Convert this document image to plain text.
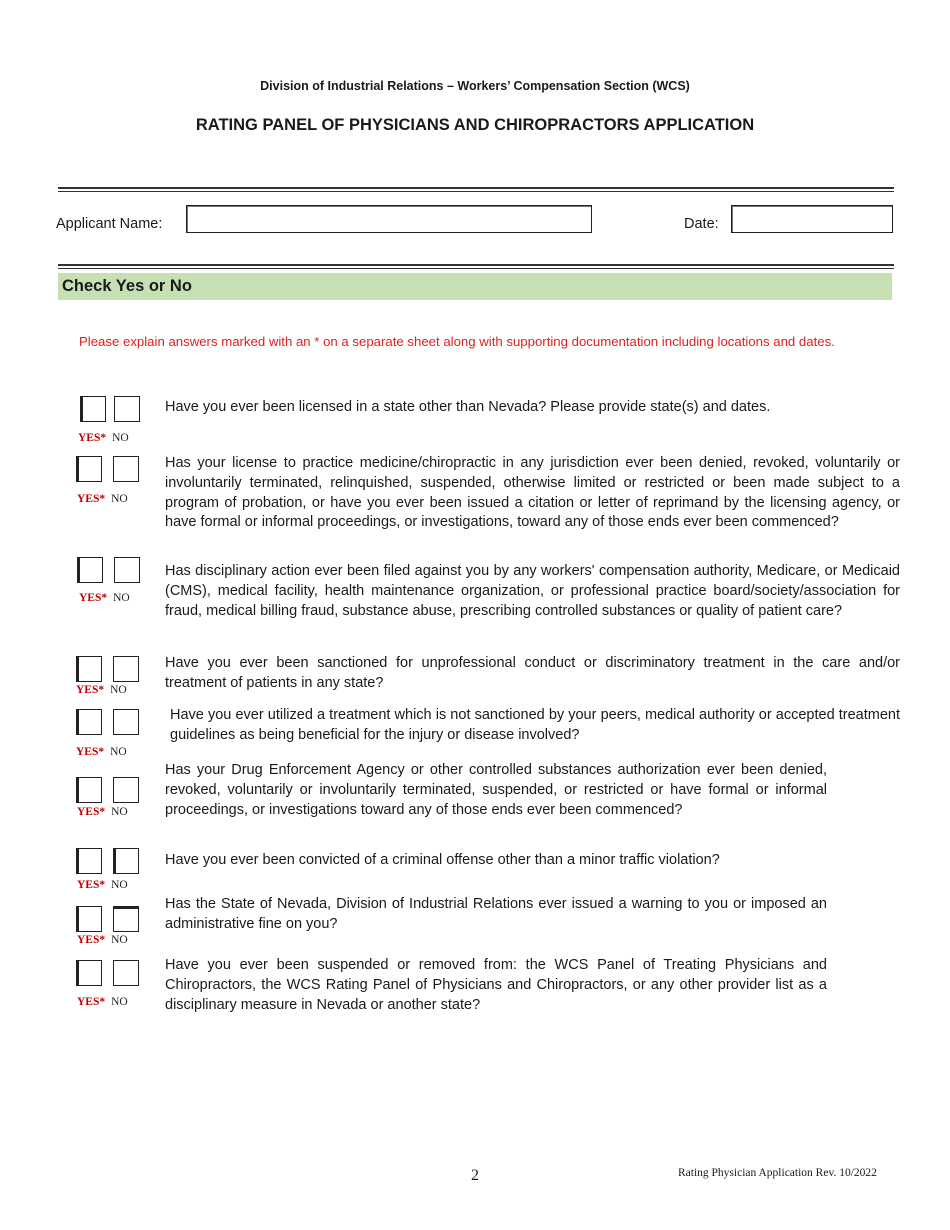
Division of Industrial Relations – Workers’ Compensation Section (WCS)
RATING PANEL OF PHYSICIANS AND CHIROPRACTORS APPLICATION
Applicant Name:	Date:
Check Yes or No
Please explain answers marked with an * on a separate sheet along with supporting documentation including locations and dates.
YES* NO
Have you ever been licensed in a state other than Nevada? Please provide state(s) and dates.
YES* NO
Has your license to practice medicine/chiropractic in any jurisdiction ever been denied, revoked, voluntarily or involuntarily terminated, relinquished, suspended, otherwise limited or restricted or been made subject to a program of probation, or have you ever been issued a citation or letter of reprimand by the licensing agency, or have formal or informal proceedings, or investigations, toward any of those ends ever been commenced?
YES* NO
Has disciplinary action ever been filed against you by any workers' compensation authority, Medicare, or Medicaid (CMS), medical facility, health maintenance organization, or professional practice board/society/association for fraud, medical billing fraud, substance abuse, prescribing controlled substances or quality of patient care?
YES* NO
Have you ever been sanctioned for unprofessional conduct or discriminatory treatment in the care and/or treatment of patients in any state?
YES* NO
Have you ever utilized a treatment which is not sanctioned by your peers, medical authority or accepted treatment guidelines as being beneficial for the injury or disease involved?
YES* NO
Has your Drug Enforcement Agency or other controlled substances authorization ever been denied, revoked, voluntarily or involuntarily terminated, suspended, or restricted or have formal or informal proceedings, or investigations toward any of those ends ever been commenced?
YES* NO
Have you ever been convicted of a criminal offense other than a minor traffic violation?
YES* NO
Has the State of Nevada, Division of Industrial Relations ever issued a warning to you or imposed an administrative fine on you?
YES* NO
Have you ever been suspended or removed from: the WCS Panel of Treating Physicians and Chiropractors, the WCS Rating Panel of Physicians and Chiropractors, or any other provider list as a disciplinary measure in Nevada or another state?
2	Rating Physician Application Rev. 10/2022
